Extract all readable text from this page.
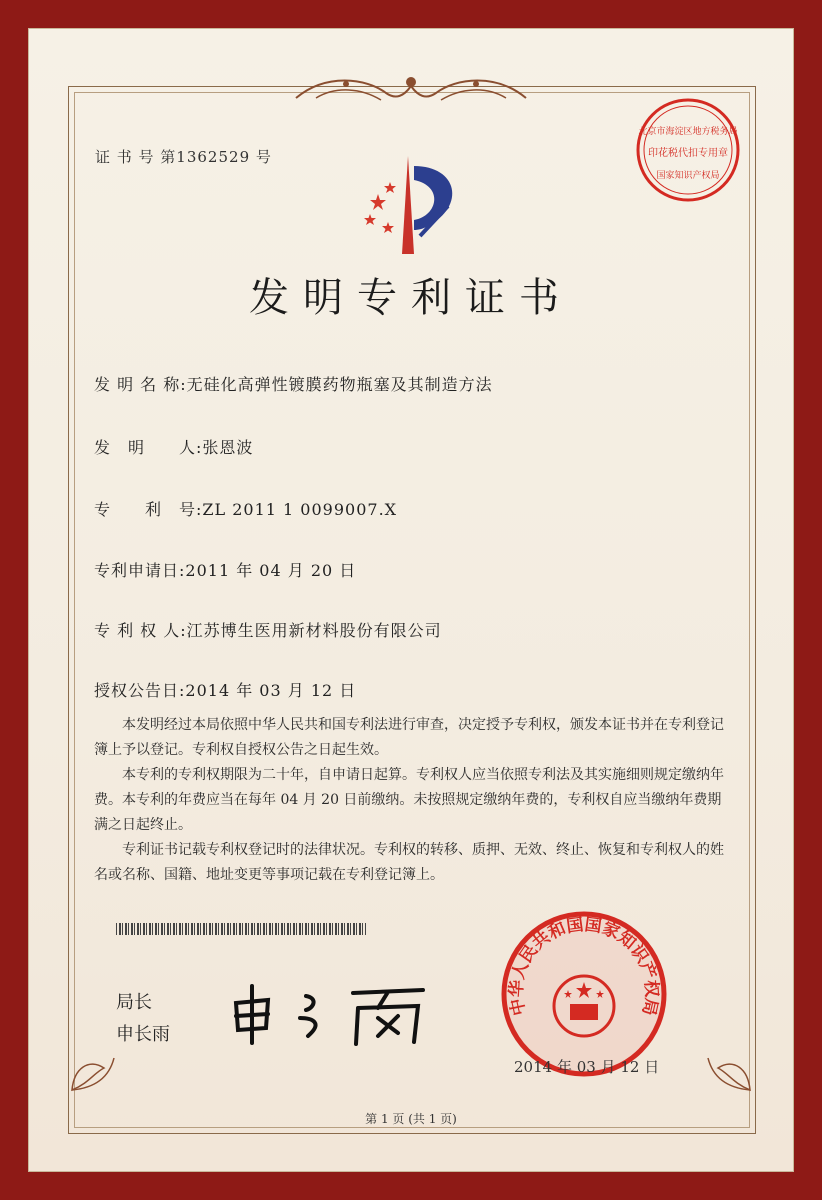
证 书 号 第1362529 号
北京市海淀区地方税务局
印花税代扣专用章
国家知识产权局
发明专利证书
发 明 名 称:无硅化高弹性镀膜药物瓶塞及其制造方法
发　明　　人:张恩波
专　　利　号:ZL 2011 1 0099007.X
专利申请日:2011 年 04 月 20 日
专 利 权 人:江苏博生医用新材料股份有限公司
授权公告日:2014 年 03 月 12 日

本发明经过本局依照中华人民共和国专利法进行审查，决定授予专利权，颁发本证书并在专利登记簿上予以登记。专利权自授权公告之日起生效。

本专利的专利权期限为二十年，自申请日起算。专利权人应当依照专利法及其实施细则规定缴纳年费。本专利的年费应当在每年 04 月 20 日前缴纳。未按照规定缴纳年费的，专利权自应当缴纳年费期满之日起终止。

专利证书记载专利权登记时的法律状况。专利权的转移、质押、无效、终止、恢复和专利权人的姓名或名称、国籍、地址变更等事项记载在专利登记簿上。

局长
申长雨
中华人民共和国国家知识产权局
2014 年 03 月 12 日
第 1 页 (共 1 页)
